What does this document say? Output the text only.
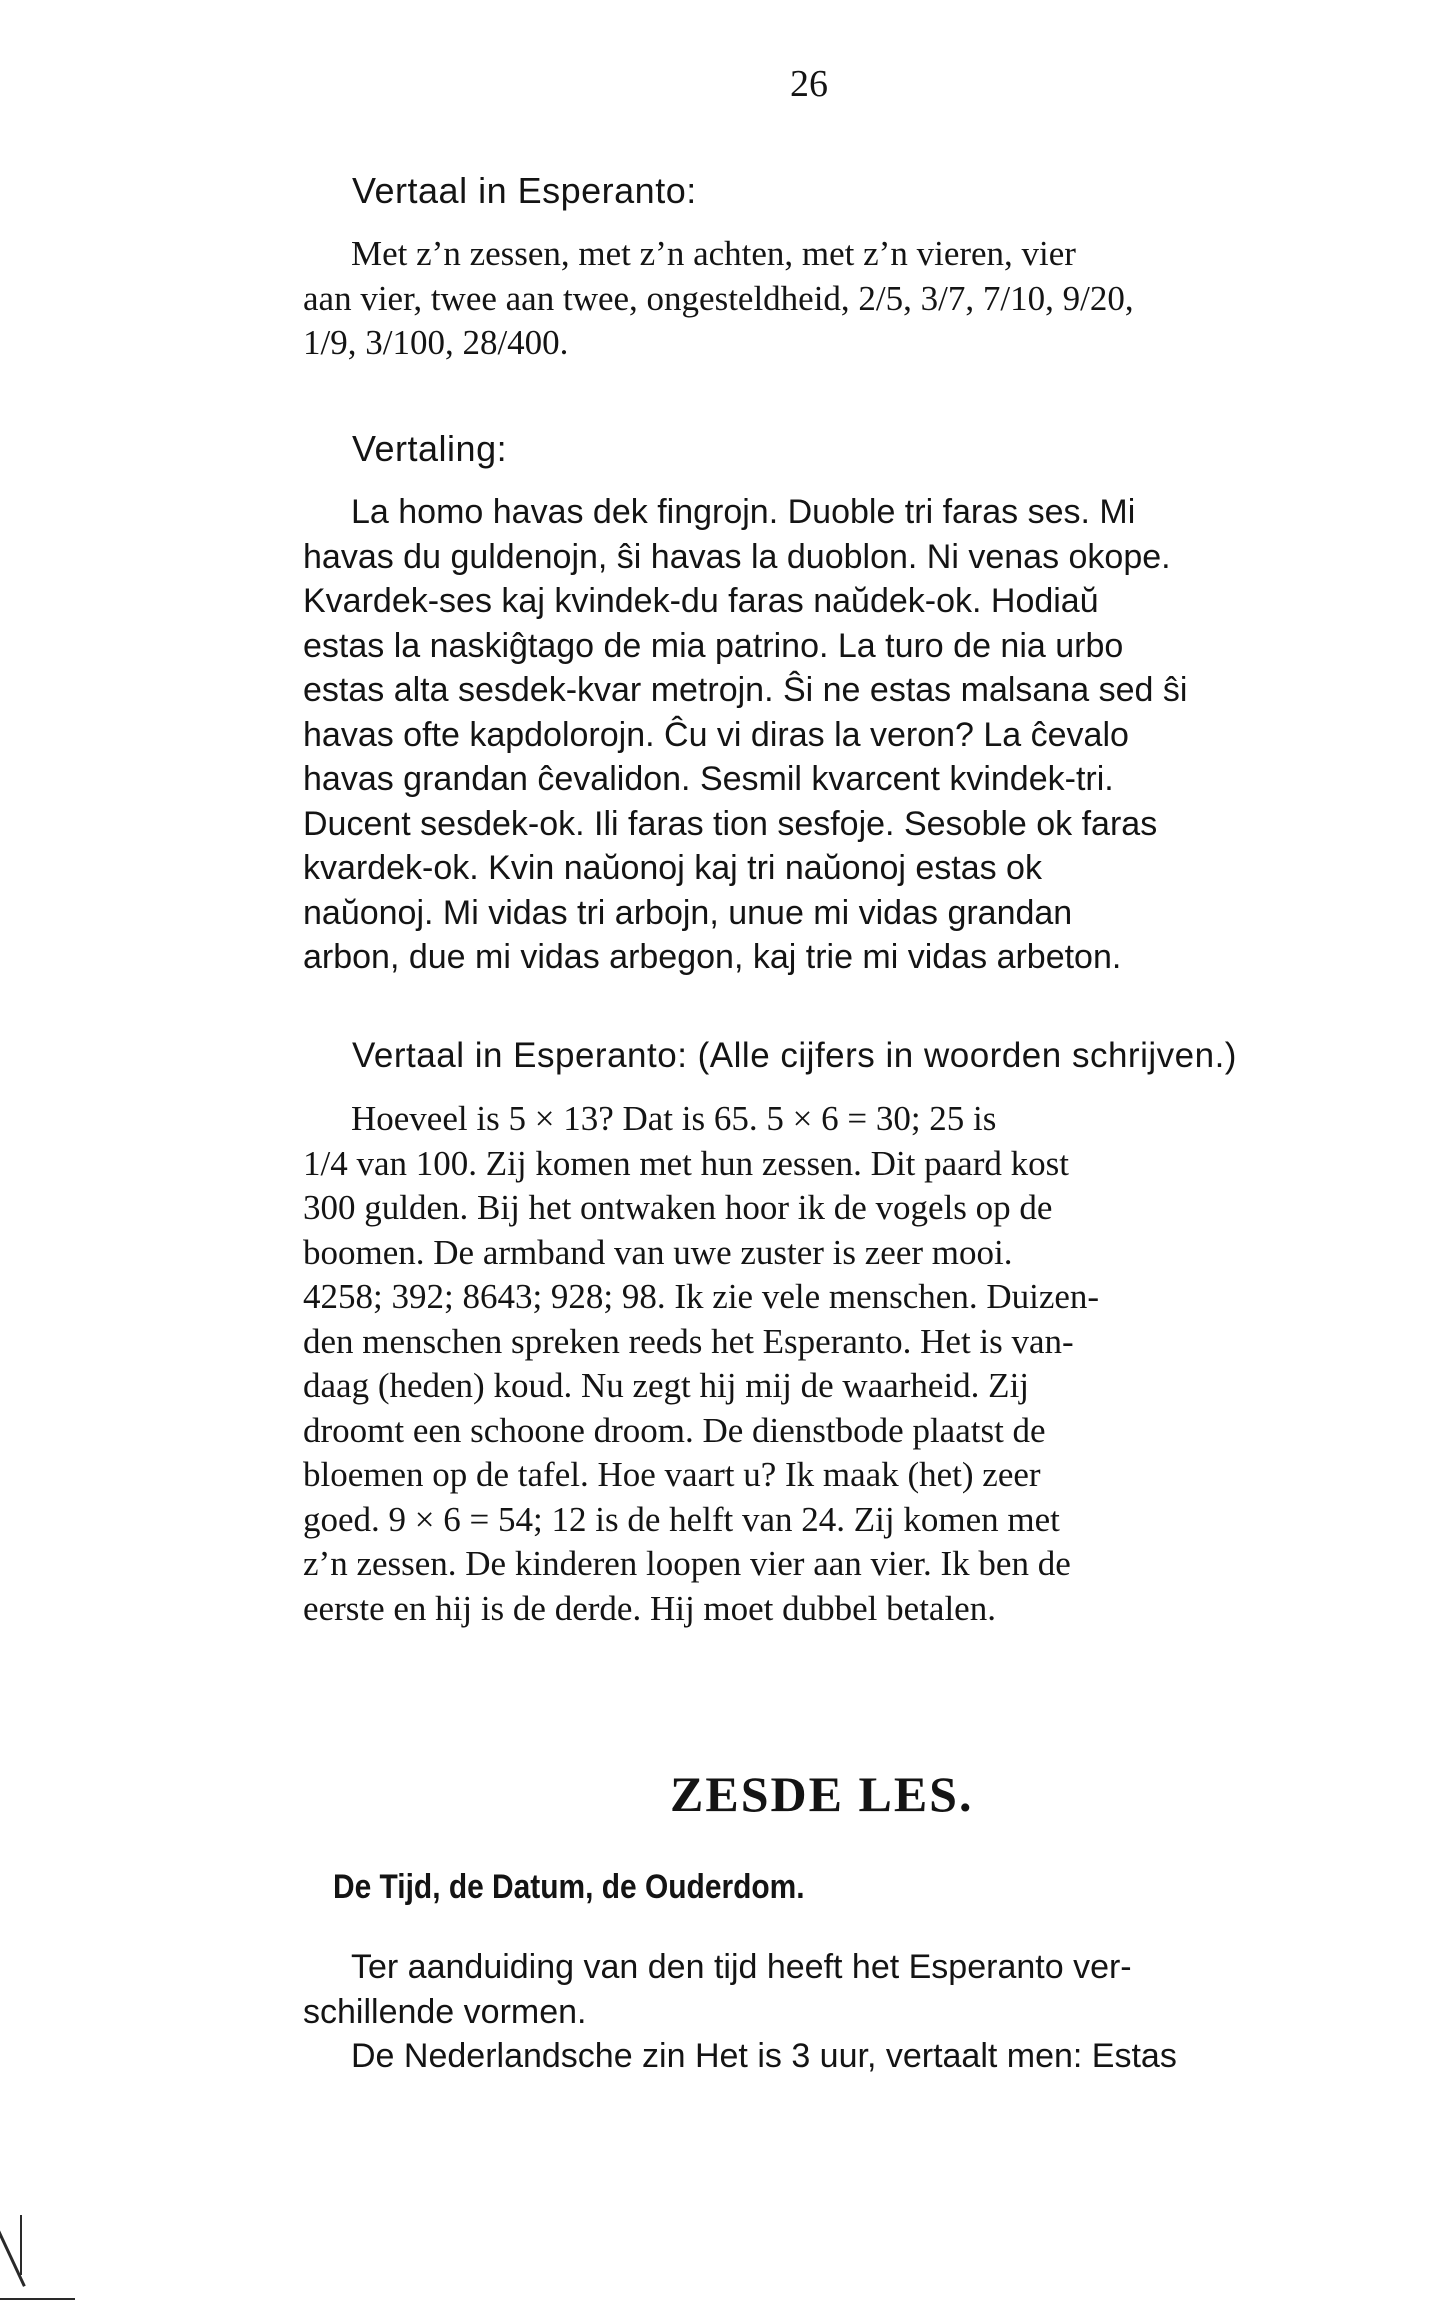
26
Vertaal in Esperanto:
Met z’n zessen, met z’n achten, met z’n vieren, vier
aan vier, twee aan twee, ongesteldheid, 2/5, 3/7, 7/10, 9/20,
1/9, 3/100, 28/400.
Vertaling:
La homo havas dek fingrojn. Duoble tri faras ses. Mi
havas du guldenojn, ŝi havas la duoblon. Ni venas okope.
Kvardek-ses kaj kvindek-du faras naŭdek-ok. Hodiaŭ
estas la naskiĝtago de mia patrino. La turo de nia urbo
estas alta sesdek-kvar metrojn. Ŝi ne estas malsana sed ŝi
havas ofte kapdolorojn. Ĉu vi diras la veron? La ĉevalo
havas grandan ĉevalidon. Sesmil kvarcent kvindek-tri.
Ducent sesdek-ok. Ili faras tion sesfoje. Sesoble ok faras
kvardek-ok. Kvin naŭonoj kaj tri naŭonoj estas ok
naŭonoj. Mi vidas tri arbojn, unue mi vidas grandan
arbon, due mi vidas arbegon, kaj trie mi vidas arbeton.
Vertaal in Esperanto: (Alle cijfers in woorden schrijven.)
Hoeveel is 5 × 13? Dat is 65. 5 × 6 = 30; 25 is
1/4 van 100. Zij komen met hun zessen. Dit paard kost
300 gulden. Bij het ontwaken hoor ik de vogels op de
boomen. De armband van uwe zuster is zeer mooi.
4258; 392; 8643; 928; 98. Ik zie vele menschen. Duizen-
den menschen spreken reeds het Esperanto. Het is van-
daag (heden) koud. Nu zegt hij mij de waarheid. Zij
droomt een schoone droom. De dienstbode plaatst de
bloemen op de tafel. Hoe vaart u? Ik maak (het) zeer
goed. 9 × 6 = 54; 12 is de helft van 24. Zij komen met
z’n zessen. De kinderen loopen vier aan vier. Ik ben de
eerste en hij is de derde. Hij moet dubbel betalen.
ZESDE LES.
De Tijd, de Datum, de Ouderdom.
Ter aanduiding van den tijd heeft het Esperanto ver-
schillende vormen.
De Nederlandsche zin Het is 3 uur, vertaalt men: Estas
